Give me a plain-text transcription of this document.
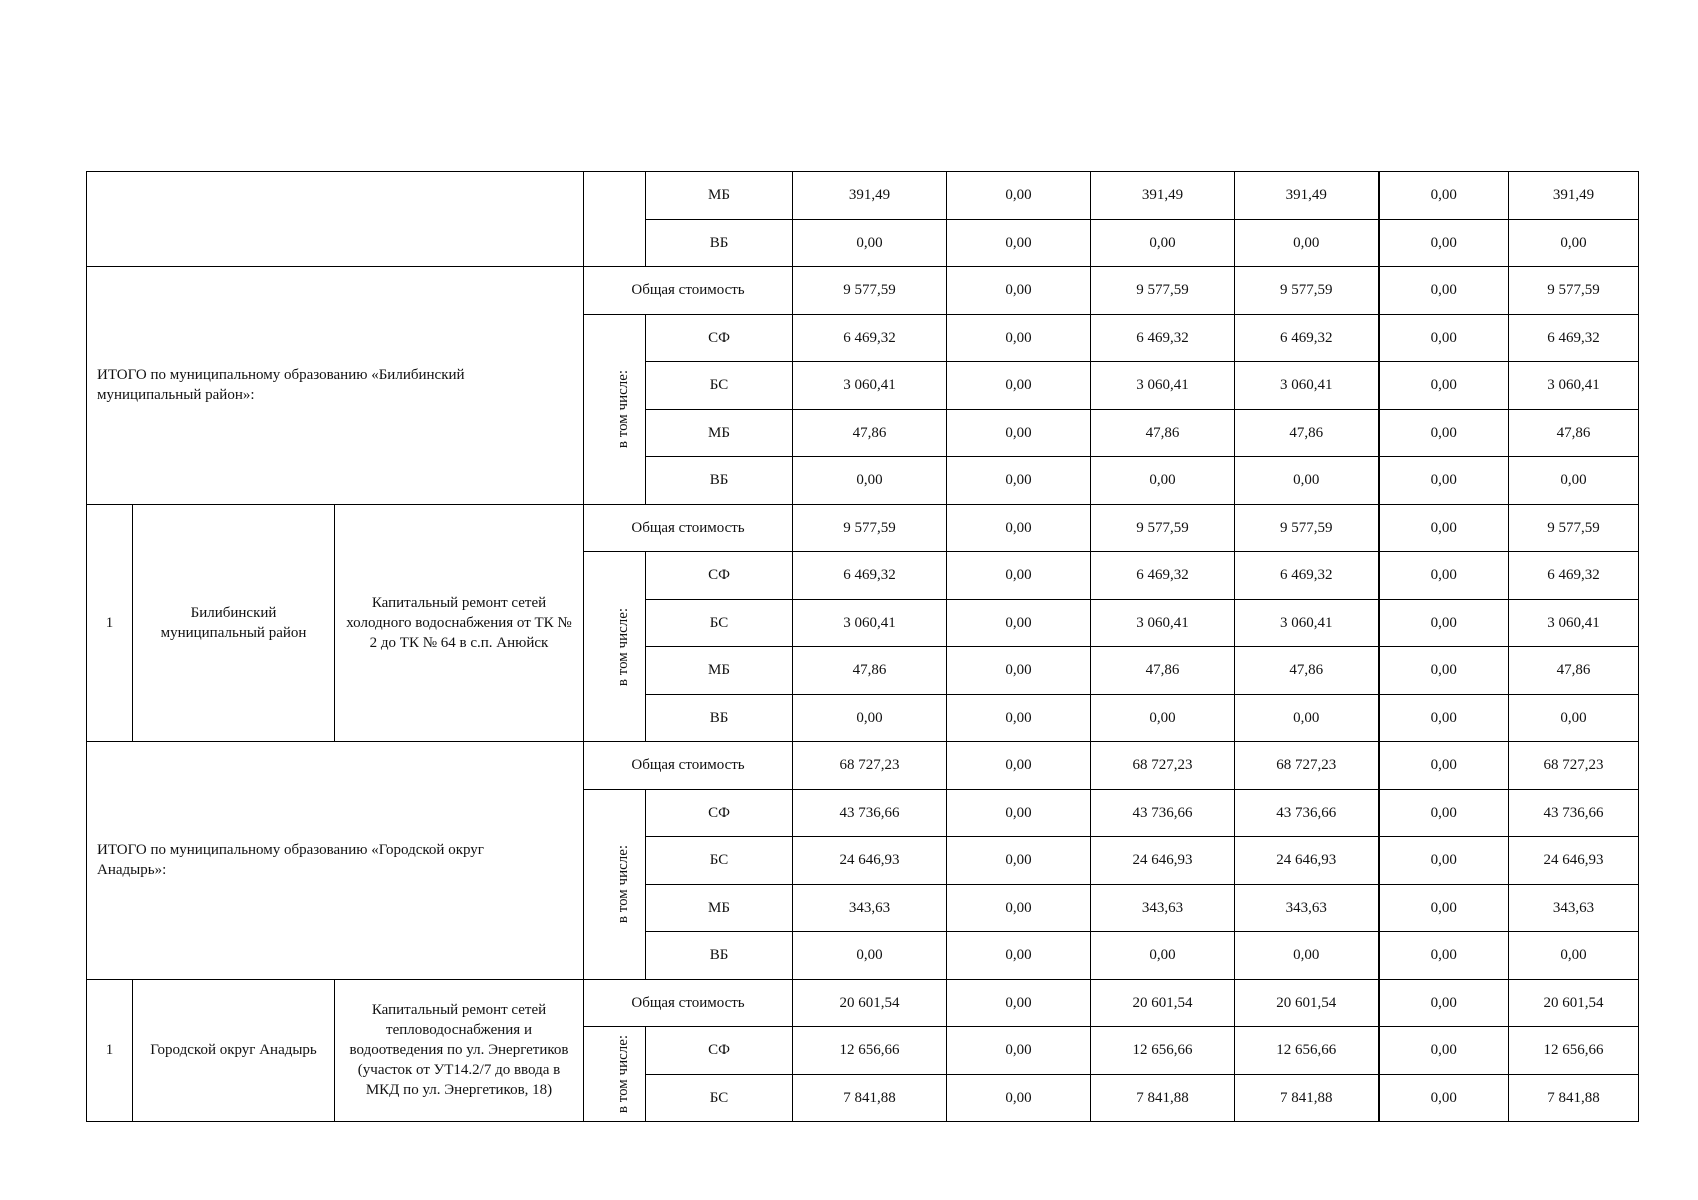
				МБ	391,49	0,00	391,49	391,49	0,00	391,49
				ВБ	0,00	0,00	0,00	0,00	0,00	0,00
ИТОГО по муниципальному образованию «Билибинский муниципальный район»:			Общая стоимость		9 577,59	0,00	9 577,59	9 577,59	0,00	9 577,59
			в том числе:	СФ	6 469,32	0,00	6 469,32	6 469,32	0,00	6 469,32
				БС	3 060,41	0,00	3 060,41	3 060,41	0,00	3 060,41
				МБ	47,86	0,00	47,86	47,86	0,00	47,86
				ВБ	0,00	0,00	0,00	0,00	0,00	0,00
1	Билибинский муниципальный район	Капитальный ремонт сетей холодного водоснабжения от ТК № 2 до ТК № 64 в с.п. Анюйск	Общая стоимость		9 577,59	0,00	9 577,59	9 577,59	0,00	9 577,59
			в том числе:	СФ	6 469,32	0,00	6 469,32	6 469,32	0,00	6 469,32
				БС	3 060,41	0,00	3 060,41	3 060,41	0,00	3 060,41
				МБ	47,86	0,00	47,86	47,86	0,00	47,86
				ВБ	0,00	0,00	0,00	0,00	0,00	0,00
ИТОГО по муниципальному образованию «Городской округ Анадырь»:			Общая стоимость		68 727,23	0,00	68 727,23	68 727,23	0,00	68 727,23
			в том числе:	СФ	43 736,66	0,00	43 736,66	43 736,66	0,00	43 736,66
				БС	24 646,93	0,00	24 646,93	24 646,93	0,00	24 646,93
				МБ	343,63	0,00	343,63	343,63	0,00	343,63
				ВБ	0,00	0,00	0,00	0,00	0,00	0,00
1	Городской округ Анадырь	Капитальный ремонт сетей тепловодоснабжения и водоотведения по ул. Энергетиков (участок от УТ14.2/7 до ввода в МКД по ул. Энергетиков, 18)	Общая стоимость		20 601,54	0,00	20 601,54	20 601,54	0,00	20 601,54
			в том числе:	СФ	12 656,66	0,00	12 656,66	12 656,66	0,00	12 656,66
				БС	7 841,88	0,00	7 841,88	7 841,88	0,00	7 841,88
